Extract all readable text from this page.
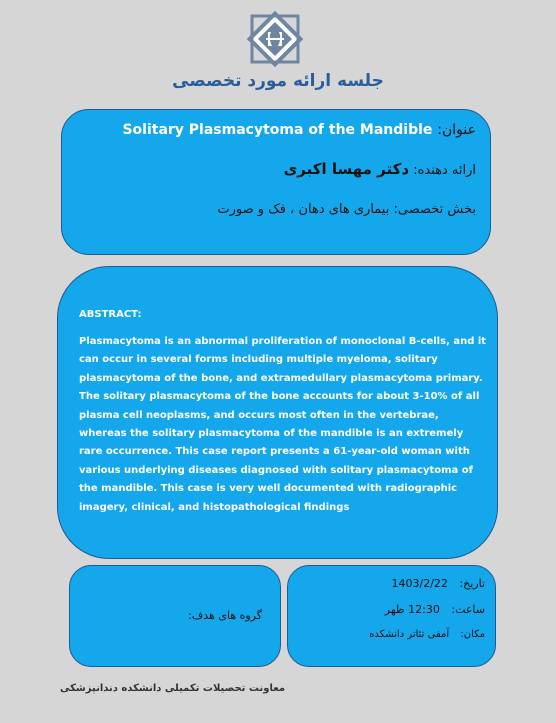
جلسه ارائه مورد تخصصی
عنوان: Solitary Plasmacytoma of the Mandible
ارائه دهنده: دکتر مهسا اکبری
بخش تخصصی: بیماری های دهان ، فک و صورت
ABSTRACT:
Plasmacytoma is an abnormal proliferation of monoclonal B-cells, and it can occur in several forms including multiple myeloma, solitary plasmacytoma of the bone, and extramedullary plasmacytoma primary. The solitary plasmacytoma of the bone accounts for about 3-10% of all plasma cell neoplasms, and occurs most often in the vertebrae, whereas the solitary plasmacytoma of the mandible is an extremely rare occurrence. This case report presents a 61-year-old woman with various underlying diseases diagnosed with solitary plasmacytoma of the mandible. This case is very well documented with radiographic imagery, clinical, and histopathological findings
گروه های هدف:
تاریخ: 1403/2/22
ساعت: 12:30 ظهر
مکان: آمفی تئاتر دانشکده
معاونت تحصیلات تکمیلی دانشکده دندانپزشکی
